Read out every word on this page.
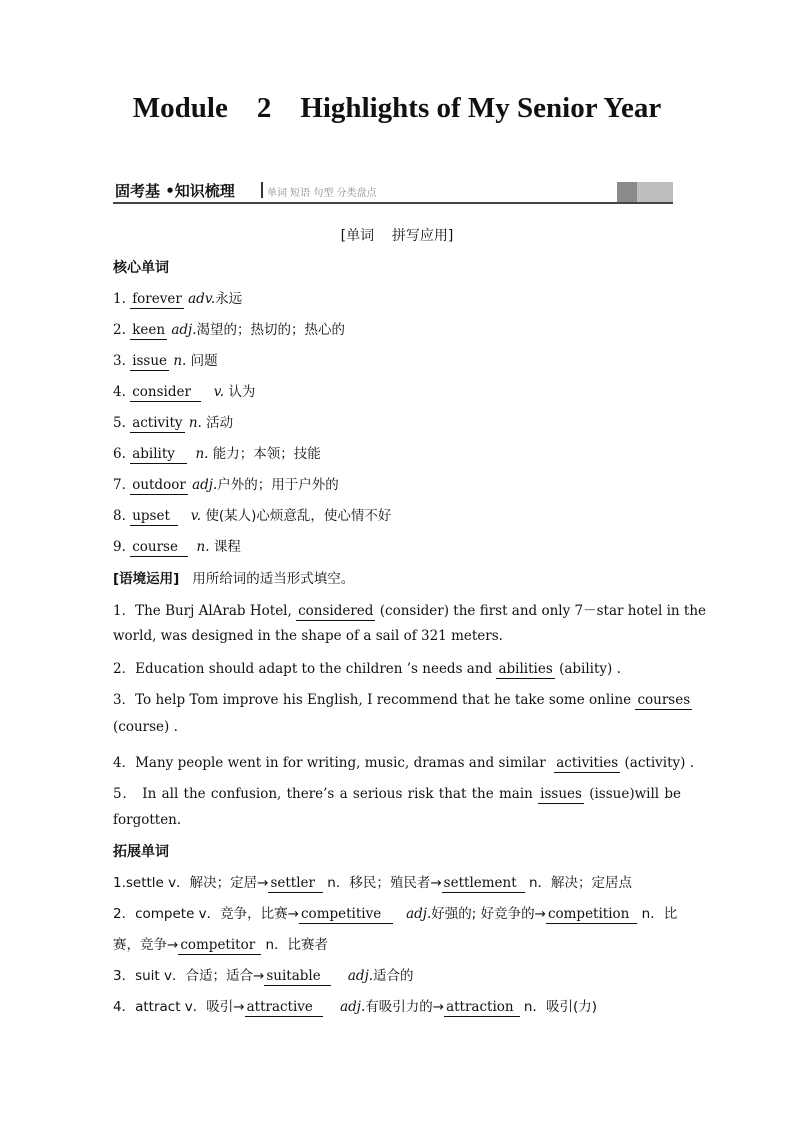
Module    2    Highlights of My Senior Year
固考基 •知识梳理	单词 短语 句型 分类盘点
[单词    拼写应用]
核心单词
1. forever adv.永远
2. keen adj.渴望的；热切的；热心的
3. issue n. 问题
4. consider v. 认为
5. activity n. 活动
6. ability n. 能力；本领；技能
7. outdoor adj.户外的；用于户外的
8. upset v. 使(某人)心烦意乱，使心情不好
9. course n. 课程
[语境运用] 用所给词的适当形式填空。
1．The Burj AlArab Hotel, considered (consider) the first and only 7－star hotel in the
world, was designed in the shape of a sail of 321 meters.
2．Education should adapt to the children ’s needs and abilities (ability) .
3．To help Tom improve his English, I recommend that he take some online courses
(course) .
4．Many people went in for writing, music, dramas and similar activities (activity) .
5． In all the confusion, there’s a serious risk that the main issues (issue)will be
forgotten.
拓展单词
1.settle v．解决；定居→ settler n．移民；殖民者→ settlement n．解决；定居点
2．compete v．竞争，比赛→ competitive adj.好强的; 好竞争的→ competition n．比
赛，竞争→ competitor n．比赛者
3．suit v．合适；适合→ suitable adj.适合的
4．attract v．吸引→ attractive adj.有吸引力的→ attraction n．吸引(力)
